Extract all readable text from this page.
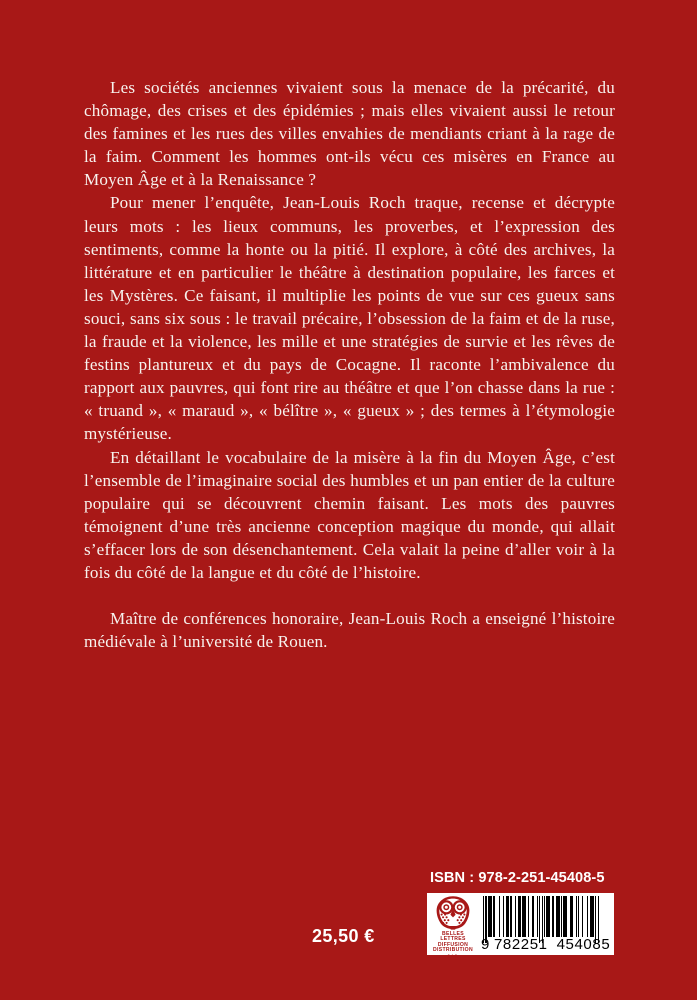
Les sociétés anciennes vivaient sous la menace de la précarité, du chômage, des crises et des épidémies ; mais elles vivaient aussi le retour des famines et les rues des villes envahies de mendiants criant à la rage de la faim. Comment les hommes ont-ils vécu ces misères en France au Moyen Âge et à la Renaissance ?

Pour mener l’enquête, Jean-Louis Roch traque, recense et décrypte leurs mots : les lieux communs, les proverbes, et l’expression des sentiments, comme la honte ou la pitié. Il explore, à côté des archives, la littérature et en particulier le théâtre à destination populaire, les farces et les Mystères. Ce faisant, il multiplie les points de vue sur ces gueux sans souci, sans six sous : le travail précaire, l’obsession de la faim et de la ruse, la fraude et la violence, les mille et une stratégies de survie et les rêves de festins plantureux et du pays de Cocagne. Il raconte l’ambivalence du rapport aux pauvres, qui font rire au théâtre et que l’on chasse dans la rue : « truand », « maraud », « bélître », « gueux » ; des termes à l’étymologie mystérieuse.

En détaillant le vocabulaire de la misère à la fin du Moyen Âge, c’est l’ensemble de l’imaginaire social des humbles et un pan entier de la culture populaire qui se découvrent chemin faisant. Les mots des pauvres témoignent d’une très ancienne conception magique du monde, qui allait s’effacer lors de son désenchantement. Cela valait la peine d’aller voir à la fois du côté de la langue et du côté de l’histoire.

Maître de conférences honoraire, Jean-Louis Roch a enseigné l’histoire médiévale à l’université de Rouen.

25,50 €
ISBN : 978-2-251-45408-5
BELLES LETTRES
DIFFUSION
DISTRIBUTION
S.A.S.
9 782251 454085
